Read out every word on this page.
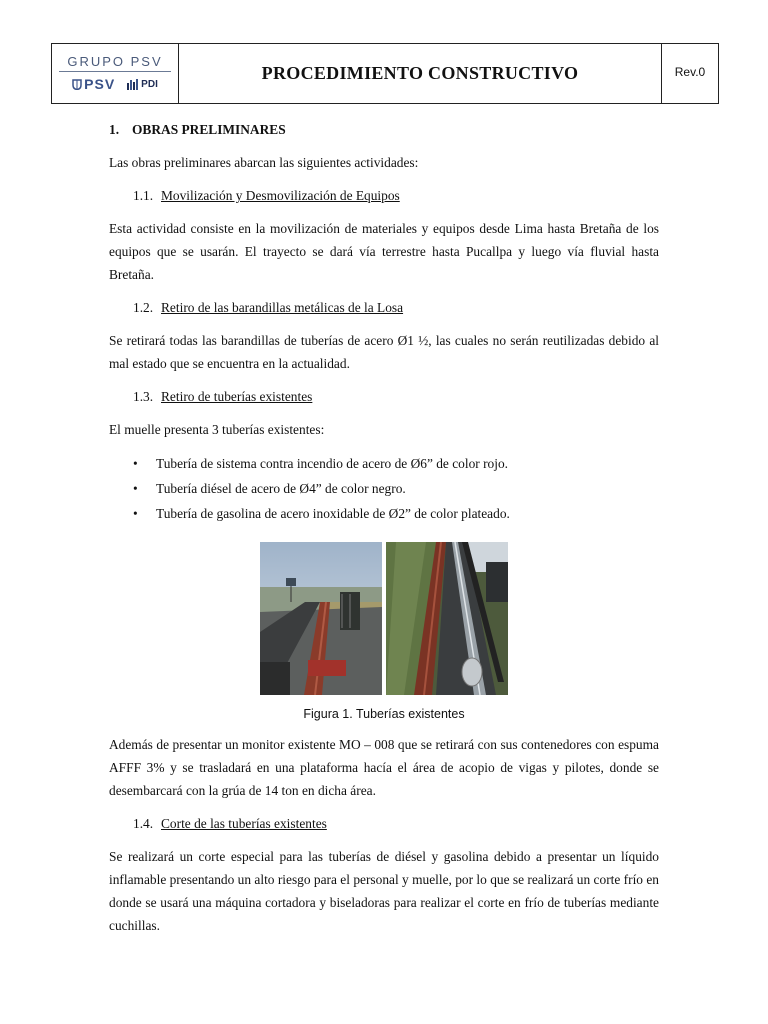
GRUPO PSV
PSV	PDI
PROCEDIMIENTO CONSTRUCTIVO	Rev.0
1. OBRAS PRELIMINARES

Las obras preliminares abarcan las siguientes actividades:

1.1. Movilización y Desmovilización de Equipos

Esta actividad consiste en la movilización de materiales y equipos desde Lima hasta Bretaña de los equipos que se usarán. El trayecto se dará vía terrestre hasta Pucallpa y luego vía fluvial hasta Bretaña.

1.2. Retiro de las barandillas metálicas de la Losa

Se retirará todas las barandillas de tuberías de acero Ø1 ½, las cuales no serán reutilizadas debido al mal estado que se encuentra en la actualidad.

1.3. Retiro de tuberías existentes

El muelle presenta 3 tuberías existentes:

• Tubería de sistema contra incendio de acero de Ø6” de color rojo.
• Tubería diésel de acero de Ø4” de color negro.
• Tubería de gasolina de acero inoxidable de Ø2” de color plateado.
Figura 1. Tuberías existentes

Además de presentar un monitor existente MO – 008 que se retirará con sus contenedores con espuma AFFF 3% y se trasladará en una plataforma hacía el área de acopio de vigas y pilotes, donde se desembarcará con la grúa de 14 ton en dicha área.

1.4. Corte de las tuberías existentes

Se realizará un corte especial para las tuberías de diésel y gasolina debido a presentar un líquido inflamable presentando un alto riesgo para el personal y muelle, por lo que se realizará un corte frío en donde se usará una máquina cortadora y biseladoras para realizar el corte en frío de tuberías mediante cuchillas.
